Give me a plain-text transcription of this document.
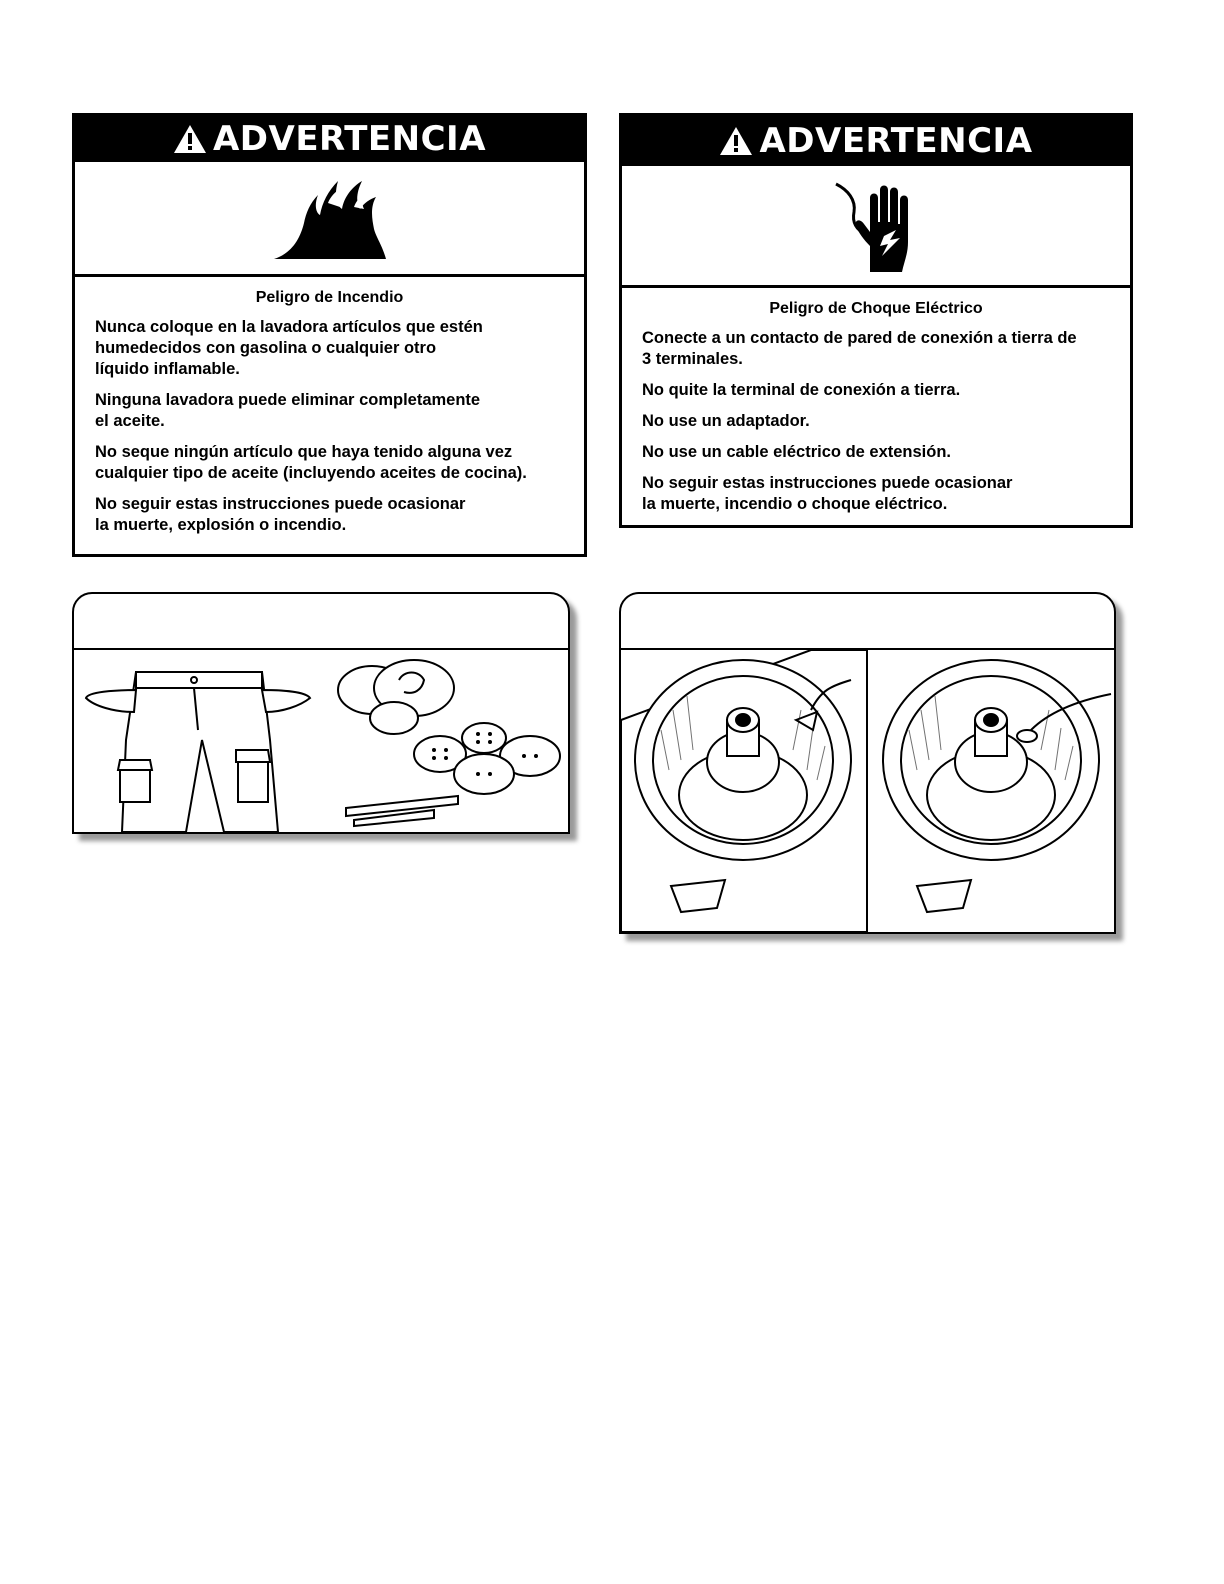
ADVERTENCIA
Peligro de Incendio
Nunca coloque en la lavadora artículos que estén
humedecidos con gasolina o cualquier otro
líquido inflamable.
Ninguna lavadora puede eliminar completamente
el aceite.
No seque ningún artículo que haya tenido alguna vez
cualquier tipo de aceite (incluyendo aceites de cocina).
No seguir estas instrucciones puede ocasionar
la muerte, explosión o incendio.
ADVERTENCIA
Peligro de Choque Eléctrico
Conecte a un contacto de pared de conexión a tierra de
3 terminales.
No quite la terminal de conexión a tierra.
No use un adaptador.
No use un cable eléctrico de extensión.
No seguir estas instrucciones puede ocasionar
la muerte, incendio o choque eléctrico.
